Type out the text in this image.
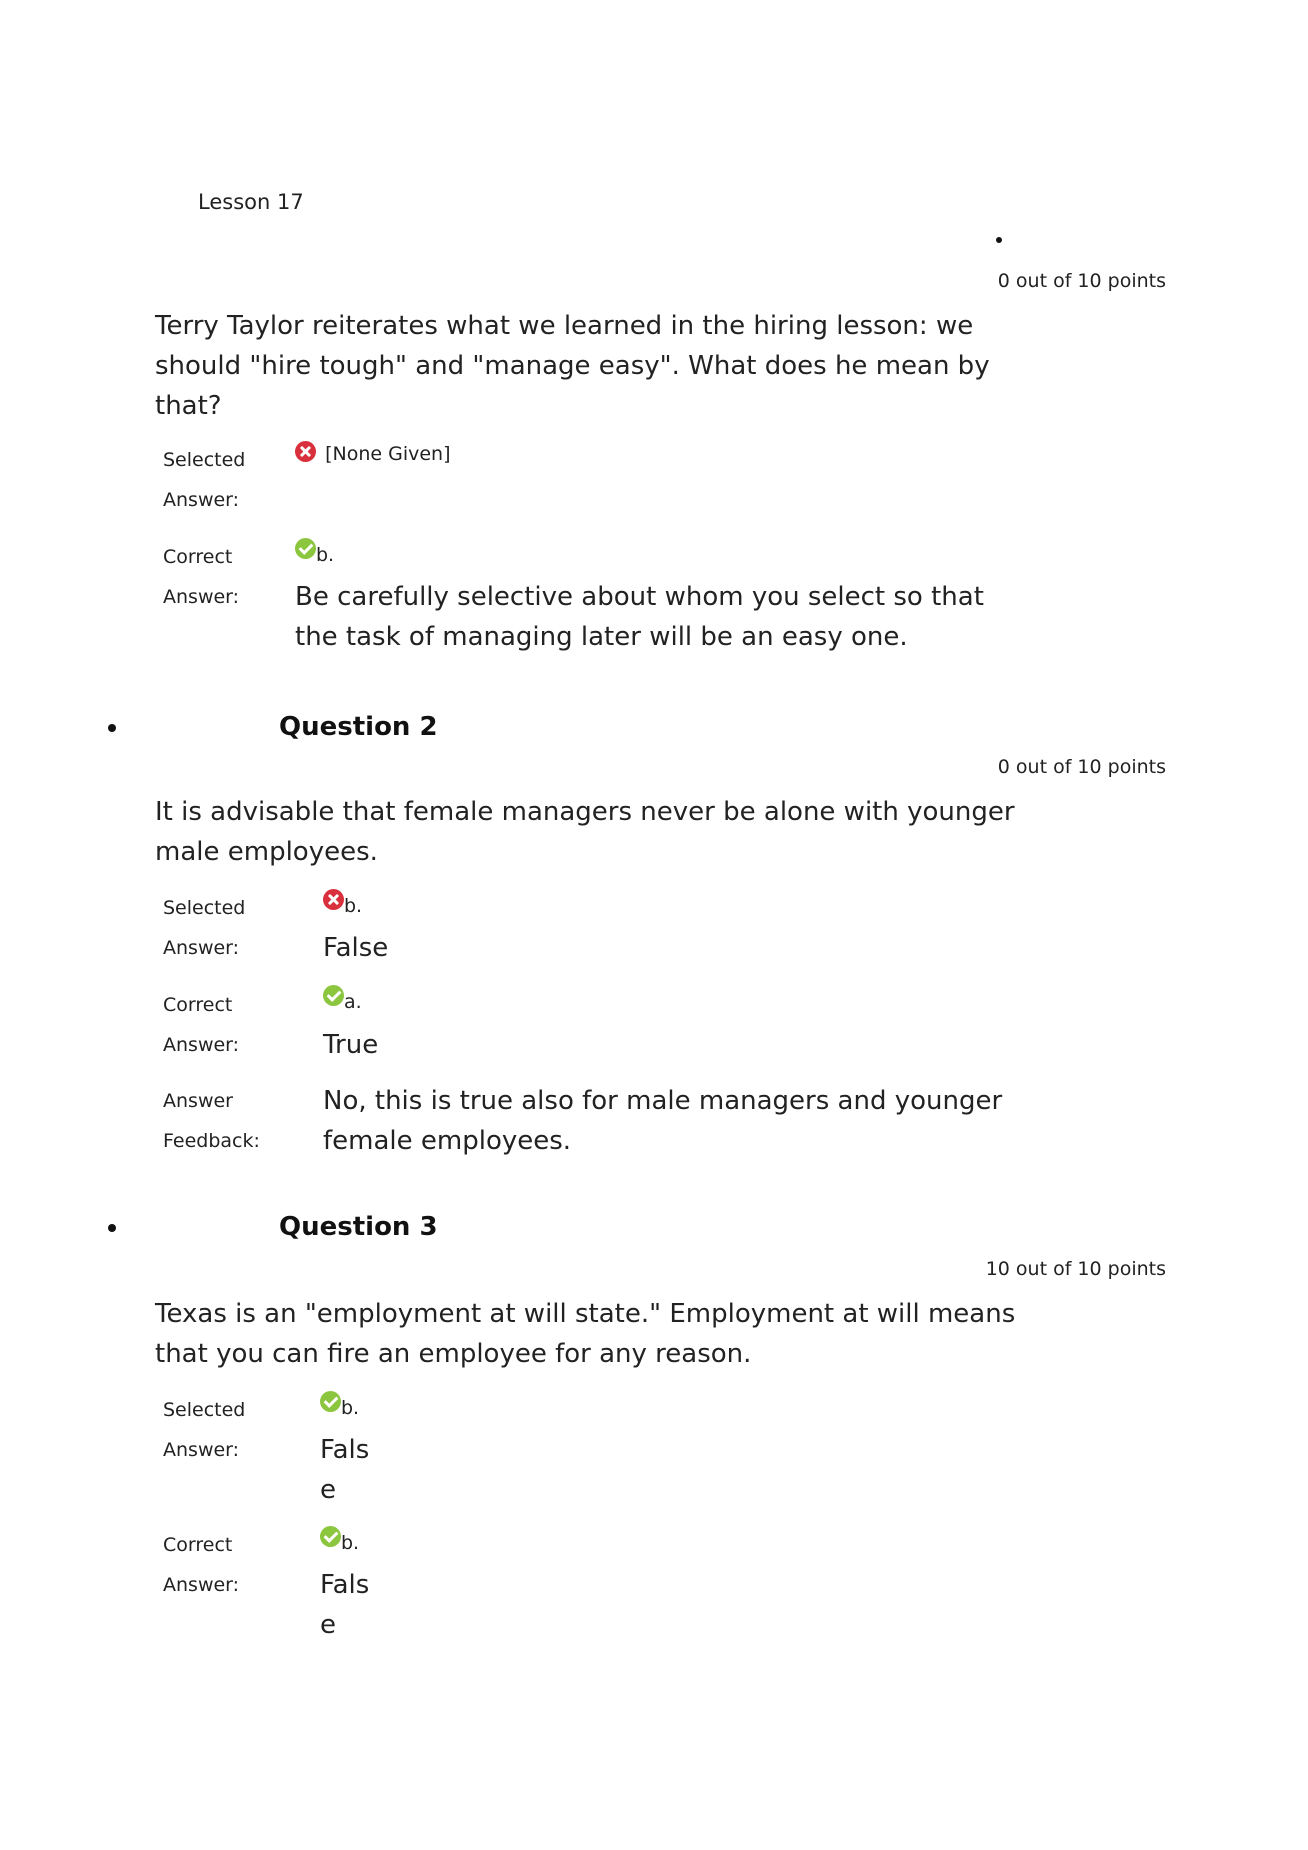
Lesson 17
0 out of 10 points
Terry Taylor reiterates what we learned in the hiring lesson: we
should "hire tough" and "manage easy". What does he mean by
that?
Selected
Answer:
[None Given]
Correct
Answer:
b.
Be carefully selective about whom you select so that
the task of managing later will be an easy one.
Question 2
0 out of 10 points
It is advisable that female managers never be alone with younger
male employees.
Selected
Answer:
b.
False
Correct
Answer:
a.
True
Answer
Feedback:
No, this is true also for male managers and younger
female employees.
Question 3
10 out of 10 points
Texas is an "employment at will state." Employment at will means
that you can fire an employee for any reason.
Selected
Answer:
b.
Fals
e
Correct
Answer:
b.
Fals
e
